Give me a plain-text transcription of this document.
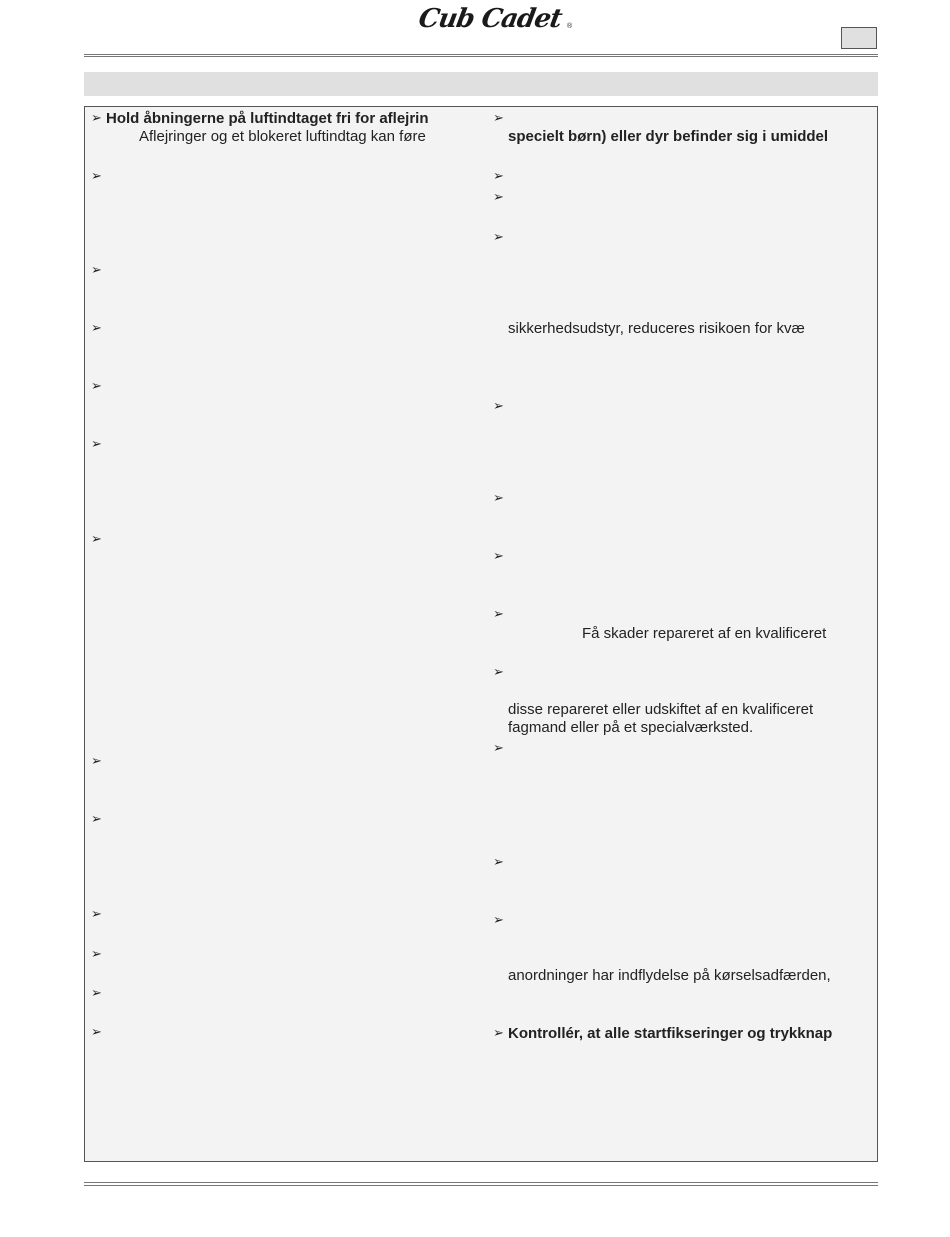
Cub Cadet ®
➢ Hold åbningerne på luftindtaget fri for aflejrin
Aflejringer og et blokeret luftindtag kan føre
➢
➢
➢
➢
➢
➢
➢
➢
➢
➢
➢
➢
➢
specielt børn) eller dyr befinder sig i umiddel
➢
➢
➢
sikkerhedsudstyr, reduceres risikoen for kvæ
➢
➢
➢
➢
Få skader repareret af en kvalificeret
➢
disse repareret eller udskiftet af en kvalificeret
fagmand eller på et specialværksted.
➢
➢
➢
anordninger har indflydelse på kørselsadfærden,
➢ Kontrollér, at alle startfikseringer og trykknap
